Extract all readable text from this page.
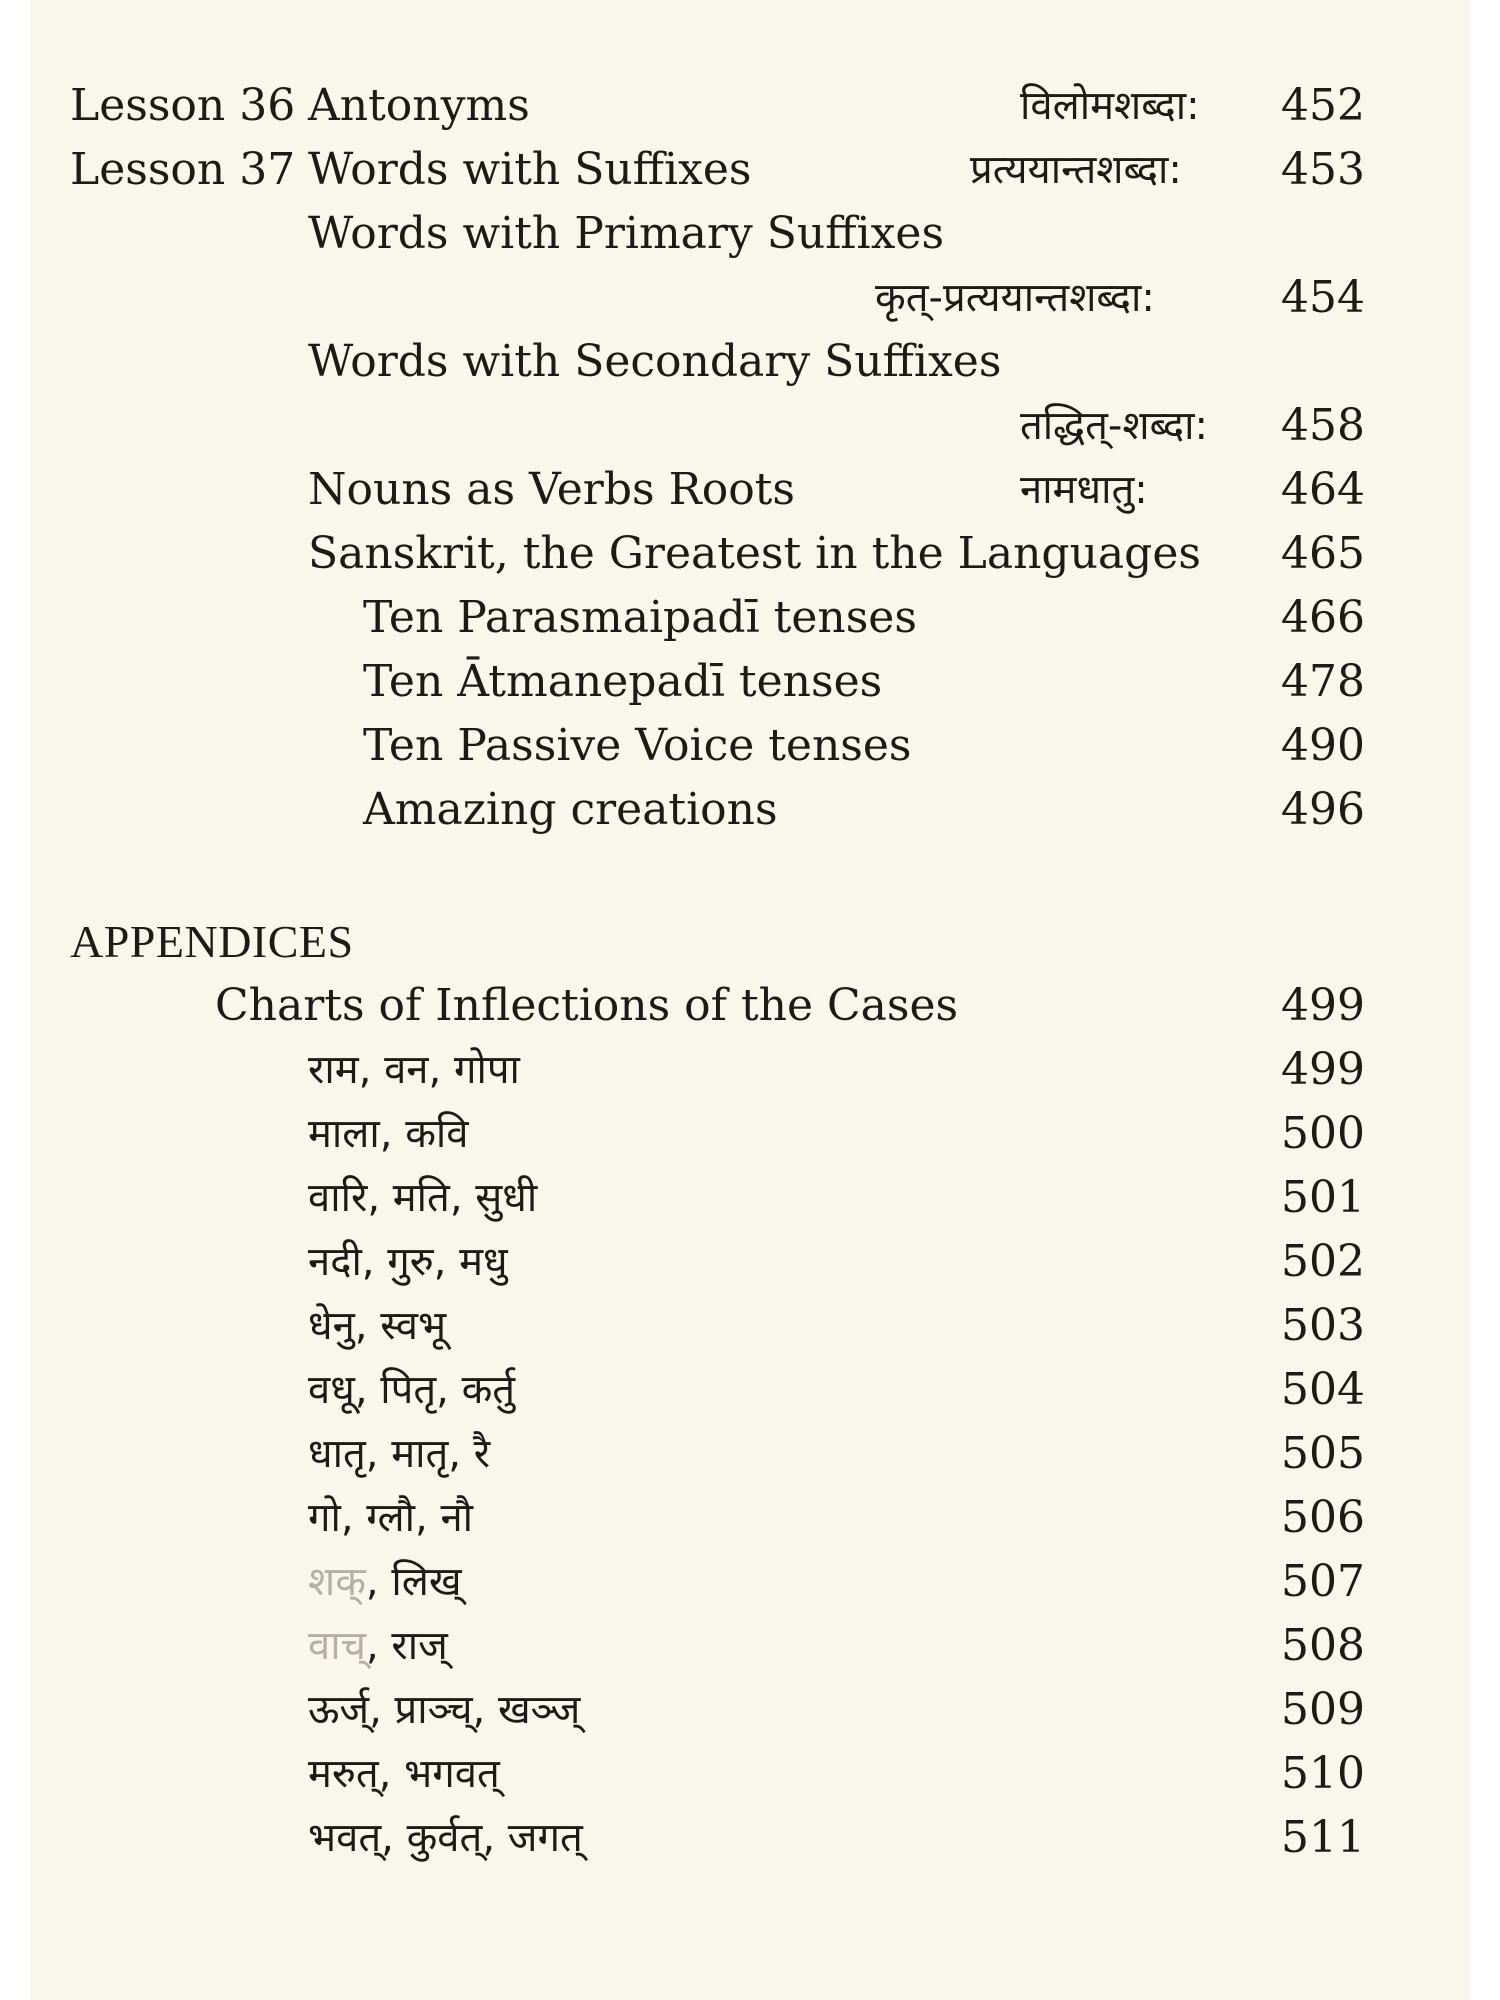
Lesson 36 Antonyms	विलोमशब्दा:	452
Lesson 37 Words with Suffixes	प्रत्ययान्तशब्दा:	453
Words with Primary Suffixes
कृत्-प्रत्ययान्तशब्दा:	454
Words with Secondary Suffixes
तद्धित्-शब्दा:	458
Nouns as Verbs Roots	नामधातु:	464
Sanskrit, the Greatest in the Languages	465
Ten Parasmaipadī tenses	466
Ten Ātmanepadī tenses	478
Ten Passive Voice tenses	490
Amazing creations	496
APPENDICES
Charts of Inflections of the Cases	499
राम, वन, गोपा	499
माला, कवि	500
वारि, मति, सुधी	501
नदी, गुरु, मधु	502
धेनु, स्वभू	503
वधू, पितृ, कर्तु	504
धातृ, मातृ, रै	505
गो, ग्लौ, नौ	506
शक्, लिख्	507
वाच्, राज्	508
ऊर्ज्, प्राञ्च्, खञ्ज्	509
मरुत्, भगवत्	510
भवत्, कुर्वत्, जगत्	511
